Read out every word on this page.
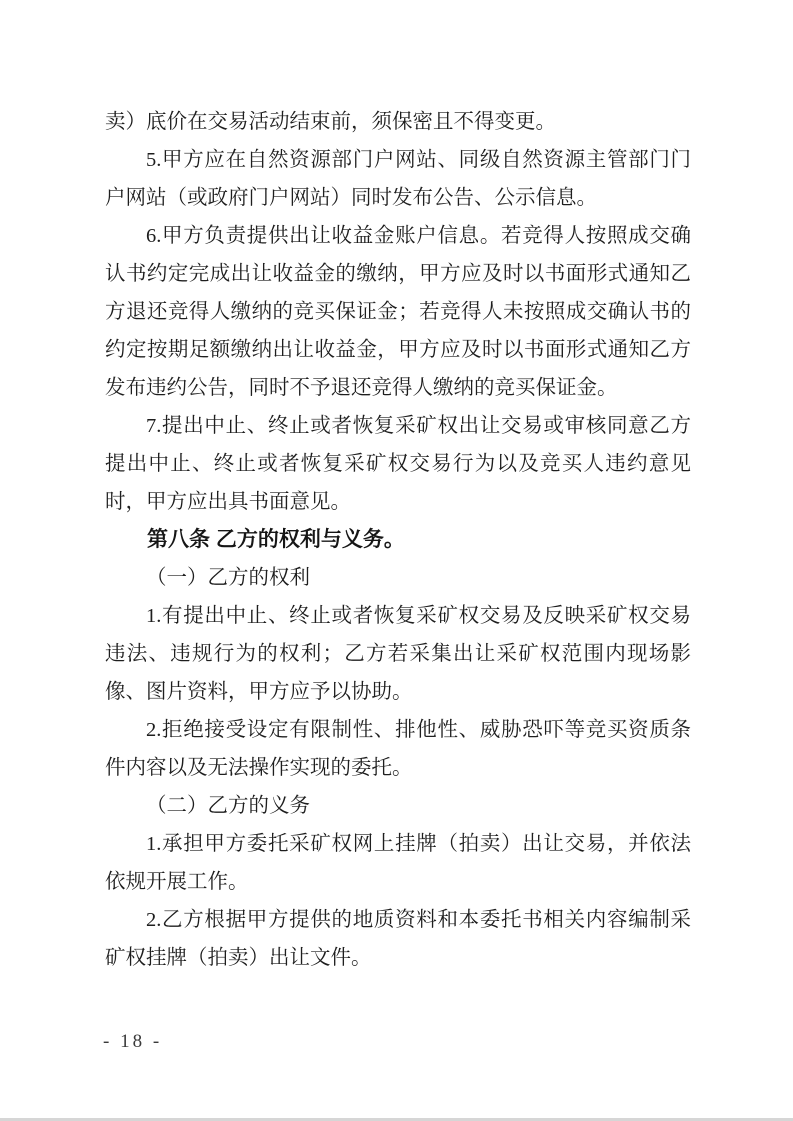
卖）底价在交易活动结束前，须保密且不得变更。

5.甲方应在自然资源部门户网站、同级自然资源主管部门门户网站（或政府门户网站）同时发布公告、公示信息。

6.甲方负责提供出让收益金账户信息。若竞得人按照成交确认书约定完成出让收益金的缴纳，甲方应及时以书面形式通知乙方退还竞得人缴纳的竞买保证金；若竞得人未按照成交确认书的约定按期足额缴纳出让收益金，甲方应及时以书面形式通知乙方发布违约公告，同时不予退还竞得人缴纳的竞买保证金。

7.提出中止、终止或者恢复采矿权出让交易或审核同意乙方提出中止、终止或者恢复采矿权交易行为以及竞买人违约意见时，甲方应出具书面意见。

第八条 乙方的权利与义务。

（一）乙方的权利

1.有提出中止、终止或者恢复采矿权交易及反映采矿权交易违法、违规行为的权利；乙方若采集出让采矿权范围内现场影像、图片资料，甲方应予以协助。

2.拒绝接受设定有限制性、排他性、威胁恐吓等竞买资质条件内容以及无法操作实现的委托。

（二）乙方的义务

1.承担甲方委托采矿权网上挂牌（拍卖）出让交易，并依法依规开展工作。

2.乙方根据甲方提供的地质资料和本委托书相关内容编制采矿权挂牌（拍卖）出让文件。

- 18 -
